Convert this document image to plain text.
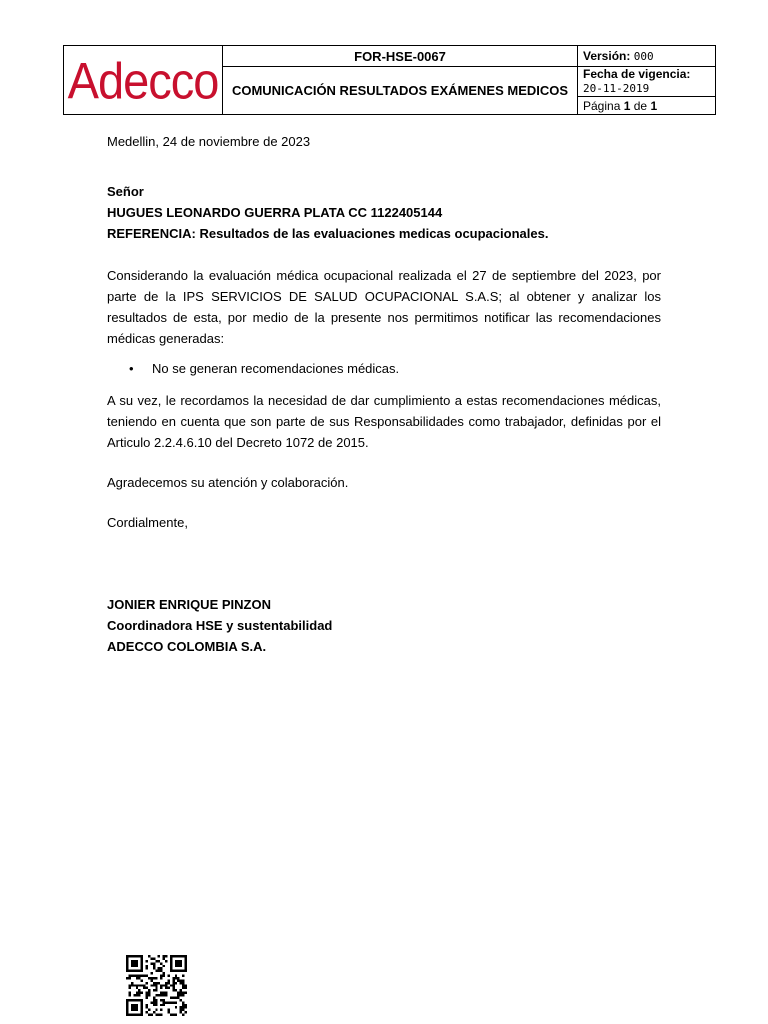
Adecco	FOR-HSE-0067	Versión: 000
	COMUNICACIÓN RESULTADOS EXÁMENES MEDICOS	Fecha de vigencia:
20-11-2019
		Página 1 de 1

Medellin, 24 de noviembre de 2023

Señor

HUGUES LEONARDO GUERRA PLATA CC 1122405144

REFERENCIA: Resultados de las evaluaciones medicas ocupacionales.

Considerando la evaluación médica ocupacional realizada el 27 de septiembre del 2023, por parte de la IPS SERVICIOS DE SALUD OCUPACIONAL S.A.S; al obtener y analizar los resultados de esta, por medio de la presente nos permitimos notificar las recomendaciones médicas generadas:

•	No se generan recomendaciones médicas.

A su vez, le recordamos la necesidad de dar cumplimiento a estas recomendaciones médicas, teniendo en cuenta que son parte de sus Responsabilidades como trabajador, definidas por el Articulo 2.2.4.6.10 del Decreto 1072 de 2015.

Agradecemos su atención y colaboración.

Cordialmente,

JONIER ENRIQUE PINZON

Coordinadora HSE y sustentabilidad

ADECCO COLOMBIA S.A.
